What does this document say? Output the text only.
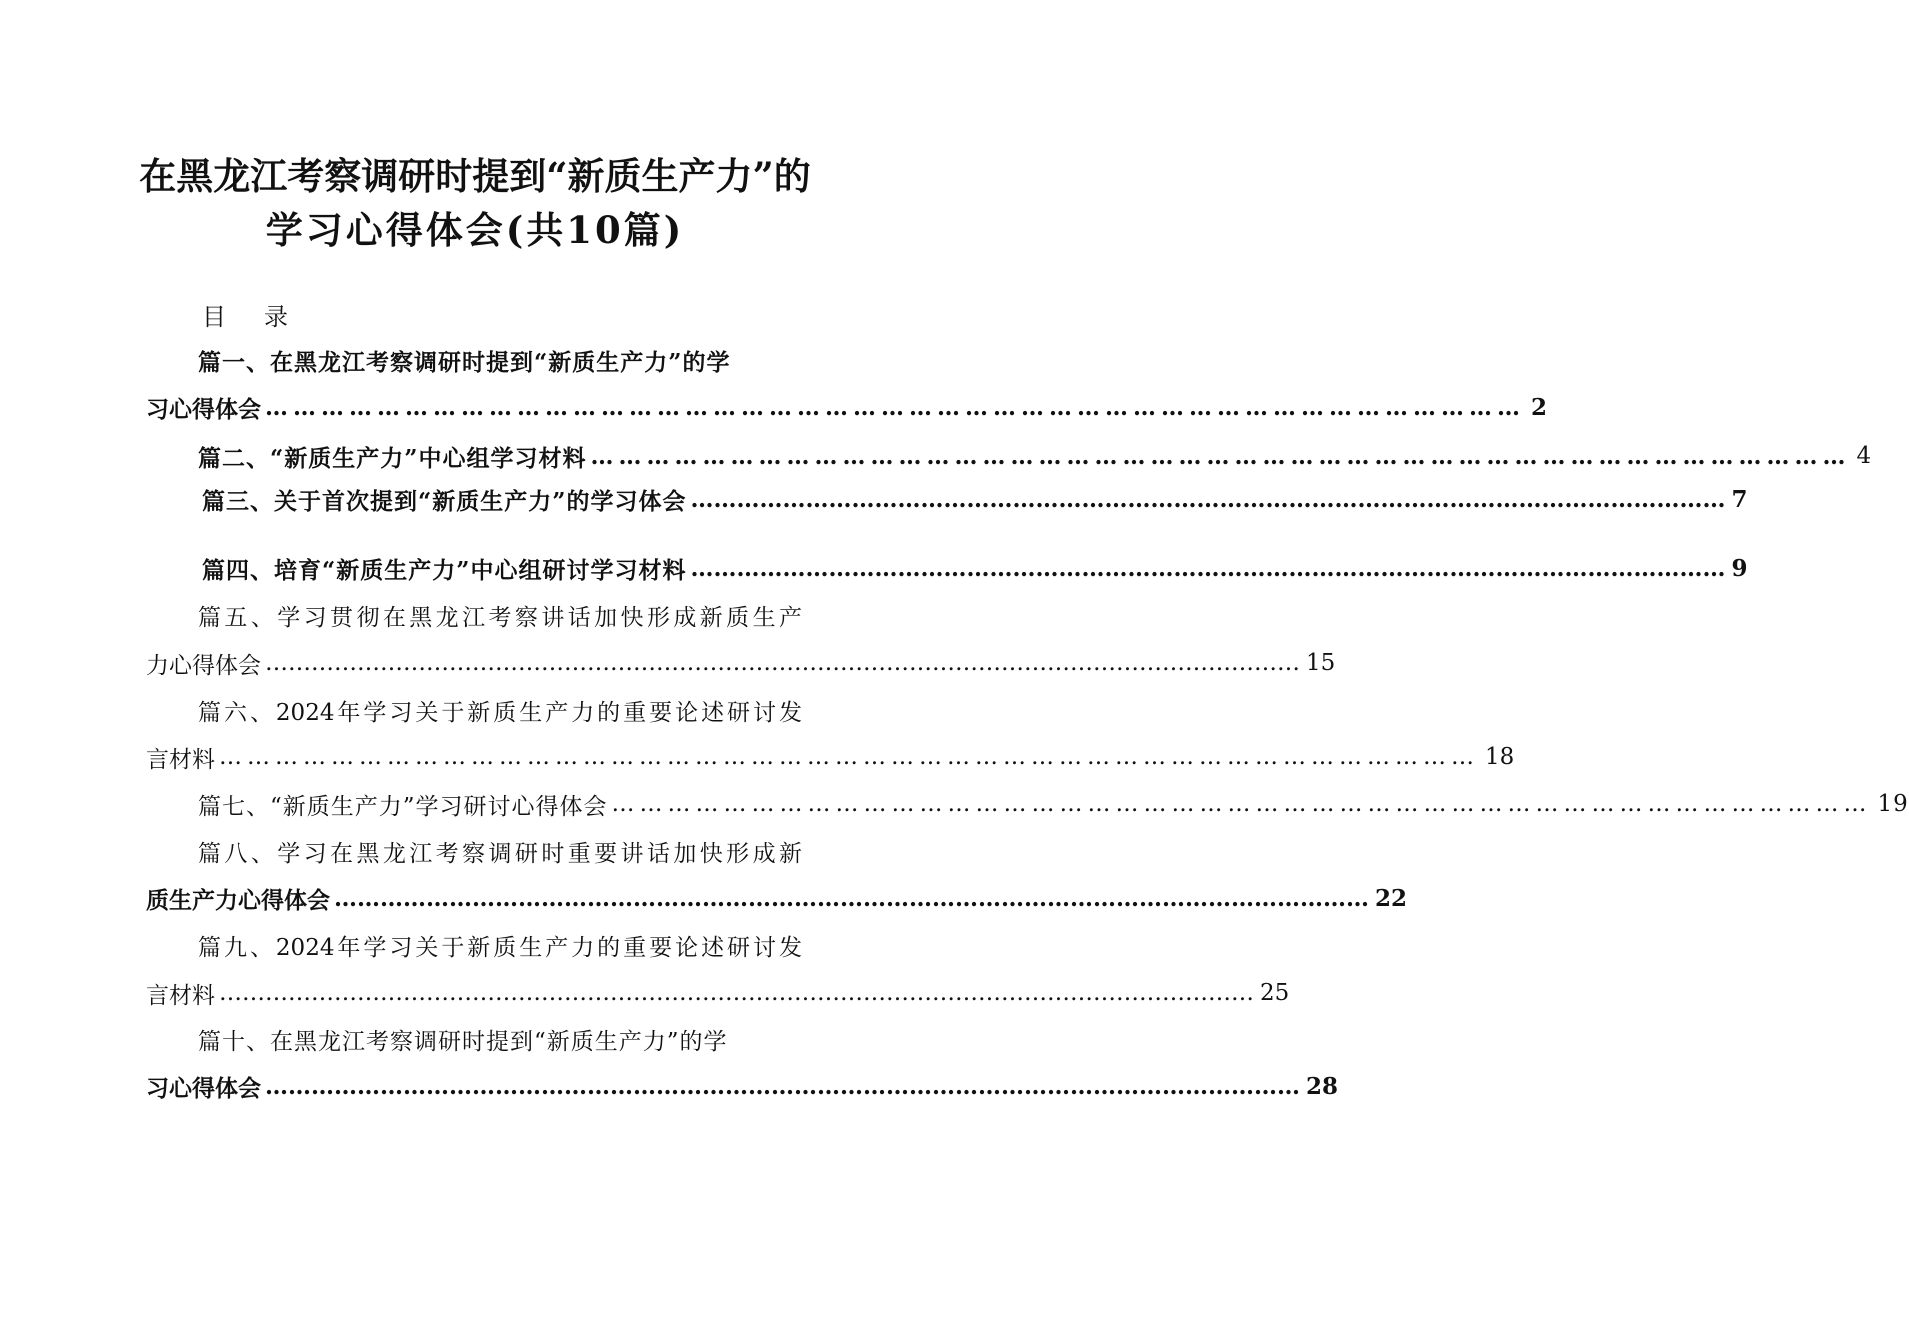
在黑龙江考察调研时提到“新质生产力”的
学习心得体会(共10篇)
目录
篇一、在黑龙江考察调研时提到“新质生产力”的学
习心得体会 ……………………………………………………………………………………………………………………… 2
篇二、“新质生产力”中心组学习材料 ……………………………………………………………………………………………………………………… 4
篇三、关于首次提到“新质生产力”的学习体会 ……………………………………………………………………………………………………………………… 7
篇四、培育“新质生产力”中心组研讨学习材料 ……………………………………………………………………………………………………………………… 9
篇五、学习贯彻在黑龙江考察讲话加快形成新质生产
力心得体会 ……………………………………………………………………………………………………………………… 15
篇六、2024年学习关于新质生产力的重要论述研讨发
言材料 ……………………………………………………………………………………………………………………… 18
篇七、“新质生产力”学习研讨心得体会 ……………………………………………………………………………………………………………………… 19
篇八、学习在黑龙江考察调研时重要讲话加快形成新
质生产力心得体会 ……………………………………………………………………………………………………………………… 22
篇九、2024年学习关于新质生产力的重要论述研讨发
言材料 ……………………………………………………………………………………………………………………… 25
篇十、在黑龙江考察调研时提到“新质生产力”的学
习心得体会 ……………………………………………………………………………………………………………………… 28
